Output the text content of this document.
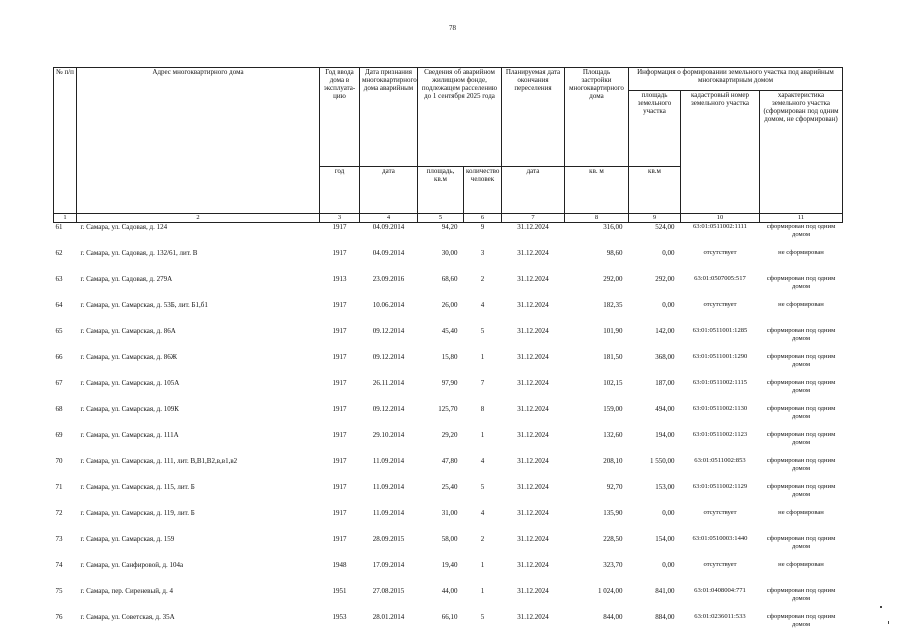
78
№ п/п	Адрес многоквартирного дома	Год ввода дома в эксплуата-цию	Дата признания многоквартирного дома аварийным	Сведения об аварийном жилищном фонде, подлежащем расселению до 1 сентября 2025 года		Планируемая дата окончания переселения	Площадь застройки многоквартирного дома	Информация о формировании земельного участка под аварийным многоквартирным домом		
								площадь земельного участка	кадастровый номер земельного участка	характеристика земельного участка (сформирован под одним домом, не сформирован)
		год	дата	площадь, кв.м	количество человек	дата	кв. м	кв.м		
1	2	3	4	5	6	7	8	9	10	11
61	г. Самара, ул. Садовая, д. 124	1917	04.09.2014	94,20	9	31.12.2024	316,00	524,00	63:01:0511002:1111	сформирован под одним домом
62	г. Самара, ул. Садовая, д. 132/61, лит. В	1917	04.09.2014	30,00	3	31.12.2024	98,60	0,00	отсутствует	не сформирован
63	г. Самара, ул. Садовая, д. 279А	1913	23.09.2016	68,60	2	31.12.2024	292,00	292,00	63:01:0507005:517	сформирован под одним домом
64	г. Самара, ул. Самарская, д. 53Б, лит. Б1,б1	1917	10.06.2014	26,00	4	31.12.2024	182,35	0,00	отсутствует	не сформирован
65	г. Самара, ул. Самарская, д. 86А	1917	09.12.2014	45,40	5	31.12.2024	101,90	142,00	63:01:0511001:1285	сформирован под одним домом
66	г. Самара, ул. Самарская, д. 86Ж	1917	09.12.2014	15,80	1	31.12.2024	181,50	368,00	63:01:0511001:1290	сформирован под одним домом
67	г. Самара, ул. Самарская, д. 105А	1917	26.11.2014	97,90	7	31.12.2024	102,15	187,00	63:01:0511002:1115	сформирован под одним домом
68	г. Самара, ул. Самарская, д. 109К	1917	09.12.2014	125,70	8	31.12.2024	159,00	494,00	63:01:0511002:1130	сформирован под одним домом
69	г. Самара, ул. Самарская, д. 111А	1917	29.10.2014	29,20	1	31.12.2024	132,60	194,00	63:01:0511002:1123	сформирован под одним домом
70	г. Самара, ул. Самарская, д. 111, лит. В,В1,В2,в,в1,в2	1917	11.09.2014	47,80	4	31.12.2024	208,10	1 550,00	63:01:0511002:853	сформирован под одним домом
71	г. Самара, ул. Самарская, д. 115, лит. Б	1917	11.09.2014	25,40	5	31.12.2024	92,70	153,00	63:01:0511002:1129	сформирован под одним домом
72	г. Самара, ул. Самарская, д. 119, лит. Б	1917	11.09.2014	31,00	4	31.12.2024	135,90	0,00	отсутствует	не сформирован
73	г. Самара, ул. Самарская, д. 159	1917	28.09.2015	58,00	2	31.12.2024	228,50	154,00	63:01:0510003:1440	сформирован под одним домом
74	г. Самара, ул. Санфировой, д. 104а	1948	17.09.2014	19,40	1	31.12.2024	323,70	0,00	отсутствует	не сформирован
75	г. Самара, пер. Сиреневый, д. 4	1951	27.08.2015	44,00	1	31.12.2024	1 024,00	841,00	63:01:0408004:771	сформирован под одним домом
76	г. Самара, ул. Советская, д. 35А	1953	28.01.2014	66,10	5	31.12.2024	844,00	884,00	63:01:0236011:533	сформирован под одним домом
